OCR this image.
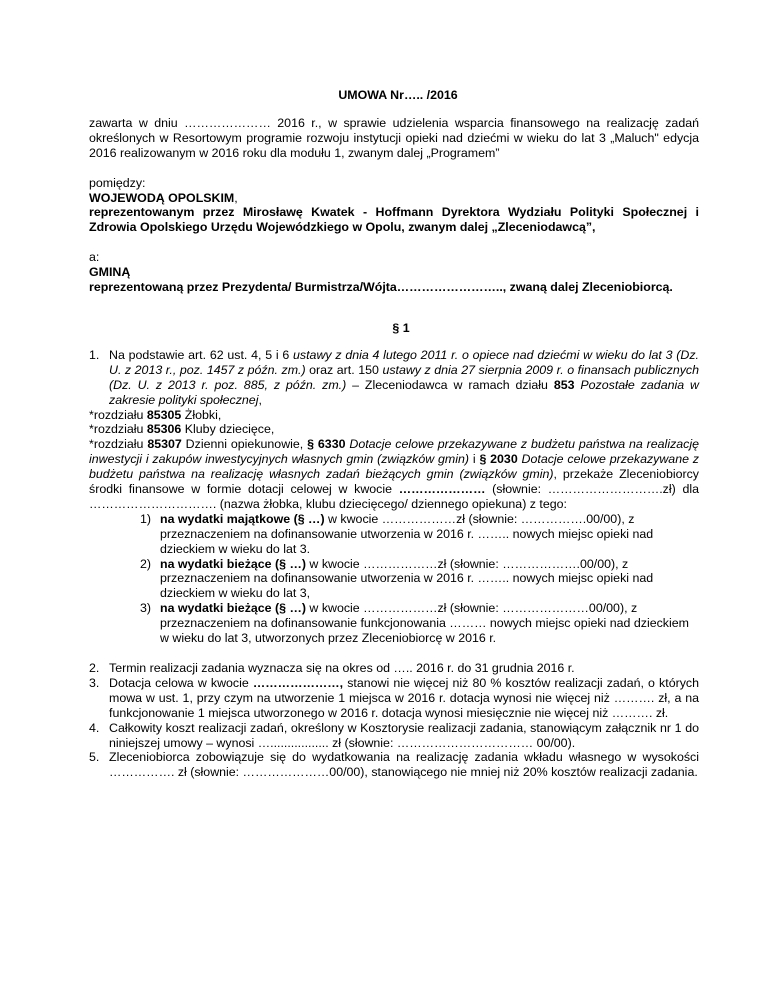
UMOWA Nr….. /2016

zawarta w dniu ………………… 2016 r., w sprawie udzielenia wsparcia finansowego na realizację zadań określonych w Resortowym programie rozwoju instytucji opieki nad dziećmi w wieku do lat 3 „Maluch" edycja 2016 realizowanym w 2016 roku dla modułu 1, zwanym dalej „Programem”

pomiędzy:

WOJEWODĄ OPOLSKIM,

reprezentowanym przez Mirosławę Kwatek - Hoffmann Dyrektora Wydziału Polityki Społecznej i Zdrowia Opolskiego Urzędu Wojewódzkiego w Opolu, zwanym dalej „Zleceniodawcą”,

a:

GMINĄ

reprezentowaną przez Prezydenta/ Burmistrza/Wójta…………………….., zwaną dalej Zleceniobiorcą.

§ 1
1. Na podstawie art. 62 ust. 4, 5 i 6 ustawy z dnia 4 lutego 2011 r. o opiece nad dziećmi w wieku do lat 3 (Dz. U. z 2013 r., poz. 1457 z późn. zm.) oraz art. 150 ustawy z dnia 27 sierpnia 2009 r. o finansach publicznych (Dz. U. z 2013 r. poz. 885, z późn. zm.) – Zleceniodawca w ramach działu 853 Pozostałe zadania w zakresie polityki społecznej,

*rozdziału 85305 Żłobki,

*rozdziału 85306 Kluby dziecięce,

*rozdziału 85307 Dzienni opiekunowie, § 6330 Dotacje celowe przekazywane z budżetu państwa na realizację inwestycji i zakupów inwestycyjnych własnych gmin (związków gmin) i § 2030 Dotacje celowe przekazywane z budżetu państwa na realizację własnych zadań bieżących gmin (związków gmin), przekaże Zleceniobiorcy środki finansowe w formie dotacji celowej w kwocie ………………… (słownie: ……………………….zł) dla …………………………. (nazwa żłobka, klubu dziecięcego/ dziennego opiekuna) z tego:

1) na wydatki majątkowe (§ …) w kwocie ………………zł (słownie: …………….00/00), z przeznaczeniem na dofinansowanie utworzenia w 2016 r. …….. nowych miejsc opieki nad dzieckiem w wieku do lat 3.
2) na wydatki bieżące (§ …) w kwocie ………………zł (słownie: ……………….00/00), z przeznaczeniem na dofinansowanie utworzenia w 2016 r. …….. nowych miejsc opieki nad dzieckiem w wieku do lat 3,
3) na wydatki bieżące (§ …) w kwocie ………………zł (słownie: …………………00/00), z przeznaczeniem na dofinansowanie funkcjonowania ……… nowych miejsc opieki nad dzieckiem w wieku do lat 3, utworzonych przez Zleceniobiorcę w 2016 r.
2. Termin realizacji zadania wyznacza się na okres od ….. 2016 r. do 31 grudnia 2016 r.
3. Dotacja celowa w kwocie …………………, stanowi nie więcej niż 80 % kosztów realizacji zadań, o których mowa w ust. 1, przy czym na utworzenie 1 miejsca w 2016 r. dotacja wynosi nie więcej niż ………. zł, a na funkcjonowanie 1 miejsca utworzonego w 2016 r. dotacja wynosi miesięcznie nie więcej niż ………. zł.
4. Całkowity koszt realizacji zadań, określony w Kosztorysie realizacji zadania, stanowiącym załącznik nr 1 do niniejszej umowy – wynosi …................. zł (słownie: …………………………… 00/00).
5. Zleceniobiorca zobowiązuje się do wydatkowania na realizację zadania wkładu własnego w wysokości ……………. zł (słownie: …………………00/00), stanowiącego nie mniej niż 20% kosztów realizacji zadania.
